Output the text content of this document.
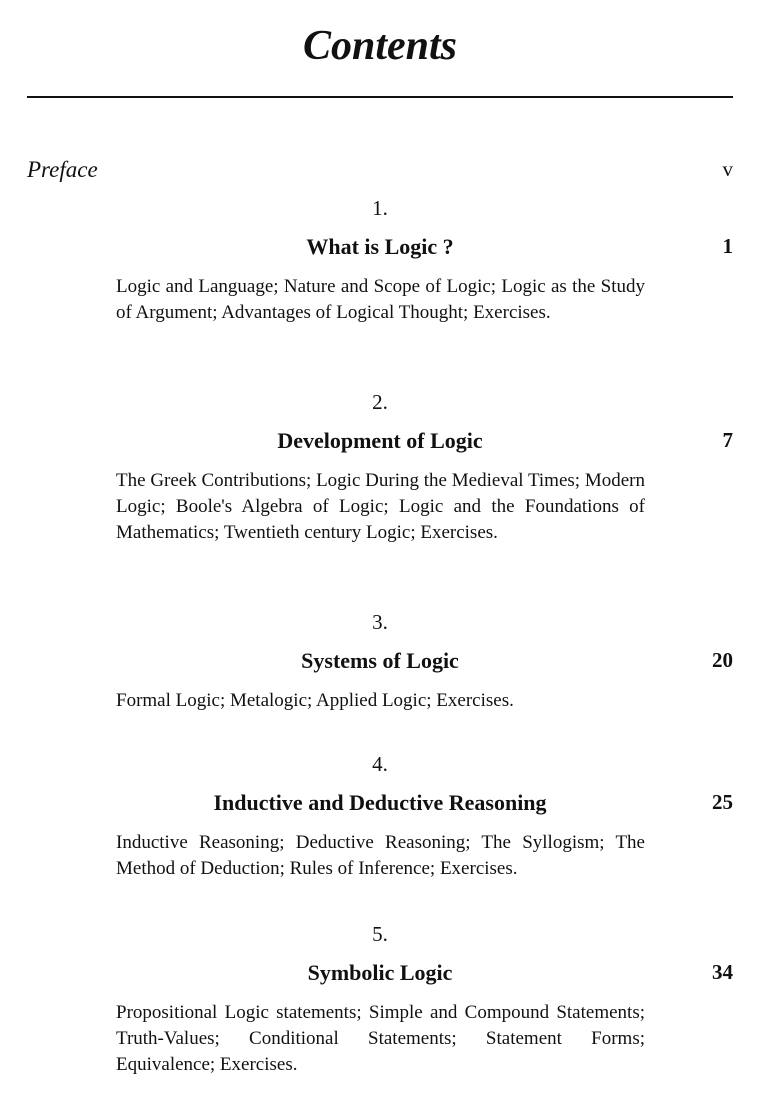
Contents
Preface	v
1.
What is Logic ?	1
Logic and Language; Nature and Scope of Logic; Logic as the Study of Argument; Advantages of Logical Thought; Exercises.
2.
Development of Logic	7
The Greek Contributions; Logic During the Medieval Times; Modern Logic; Boole's Algebra of Logic; Logic and the Foundations of Mathematics; Twentieth century Logic; Exercises.
3.
Systems of Logic	20
Formal Logic; Metalogic; Applied Logic; Exercises.
4.
Inductive and Deductive Reasoning	25
Inductive Reasoning; Deductive Reasoning; The Syllogism; The Method of Deduction; Rules of Inference; Exercises.
5.
Symbolic Logic	34
Propositional Logic statements; Simple and Compound Statements; Truth-Values; Conditional Statements; Statement Forms; Equivalence; Exercises.
